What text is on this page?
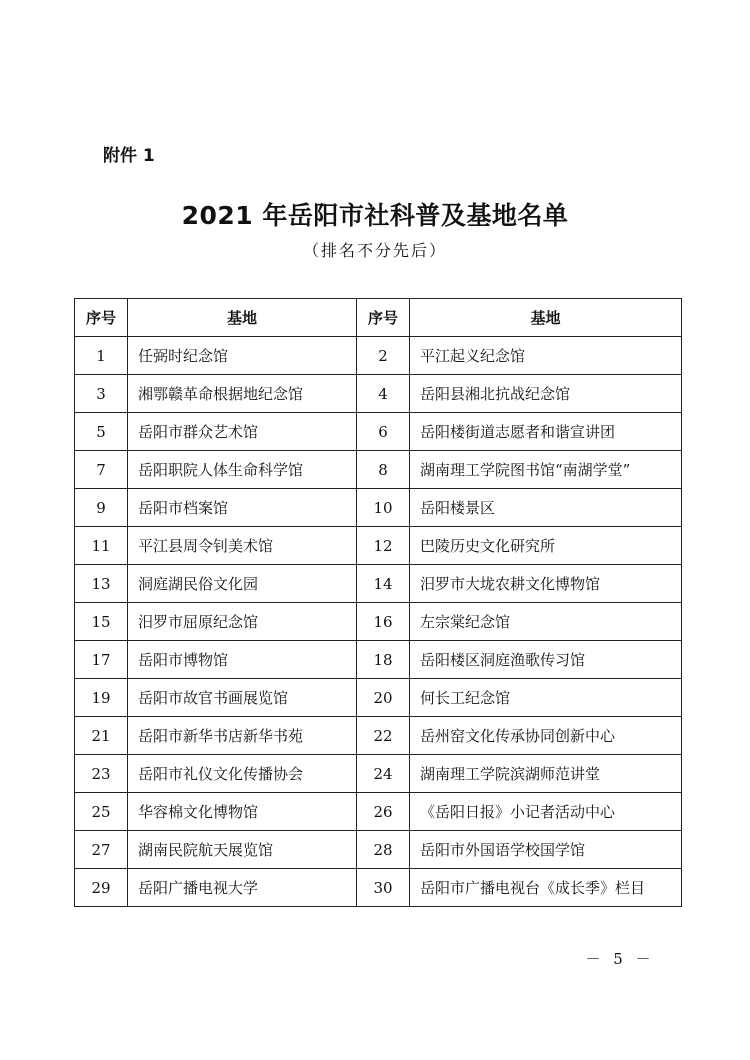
附件 1
2021 年岳阳市社科普及基地名单
（排名不分先后）
序号	基地	序号	基地
1	任弼时纪念馆	2	平江起义纪念馆
3	湘鄂赣革命根据地纪念馆	4	岳阳县湘北抗战纪念馆
5	岳阳市群众艺术馆	6	岳阳楼街道志愿者和谐宣讲团
7	岳阳职院人体生命科学馆	8	湖南理工学院图书馆“南湖学堂”
9	岳阳市档案馆	10	岳阳楼景区
11	平江县周令钊美术馆	12	巴陵历史文化研究所
13	洞庭湖民俗文化园	14	汨罗市大垅农耕文化博物馆
15	汨罗市屈原纪念馆	16	左宗棠纪念馆
17	岳阳市博物馆	18	岳阳楼区洞庭渔歌传习馆
19	岳阳市故官书画展览馆	20	何长工纪念馆
21	岳阳市新华书店新华书苑	22	岳州窑文化传承协同创新中心
23	岳阳市礼仪文化传播协会	24	湖南理工学院滨湖师范讲堂
25	华容棉文化博物馆	26	《岳阳日报》小记者活动中心
27	湖南民院航天展览馆	28	岳阳市外国语学校国学馆
29	岳阳广播电视大学	30	岳阳市广播电视台《成长季》栏目
－ 5 －
